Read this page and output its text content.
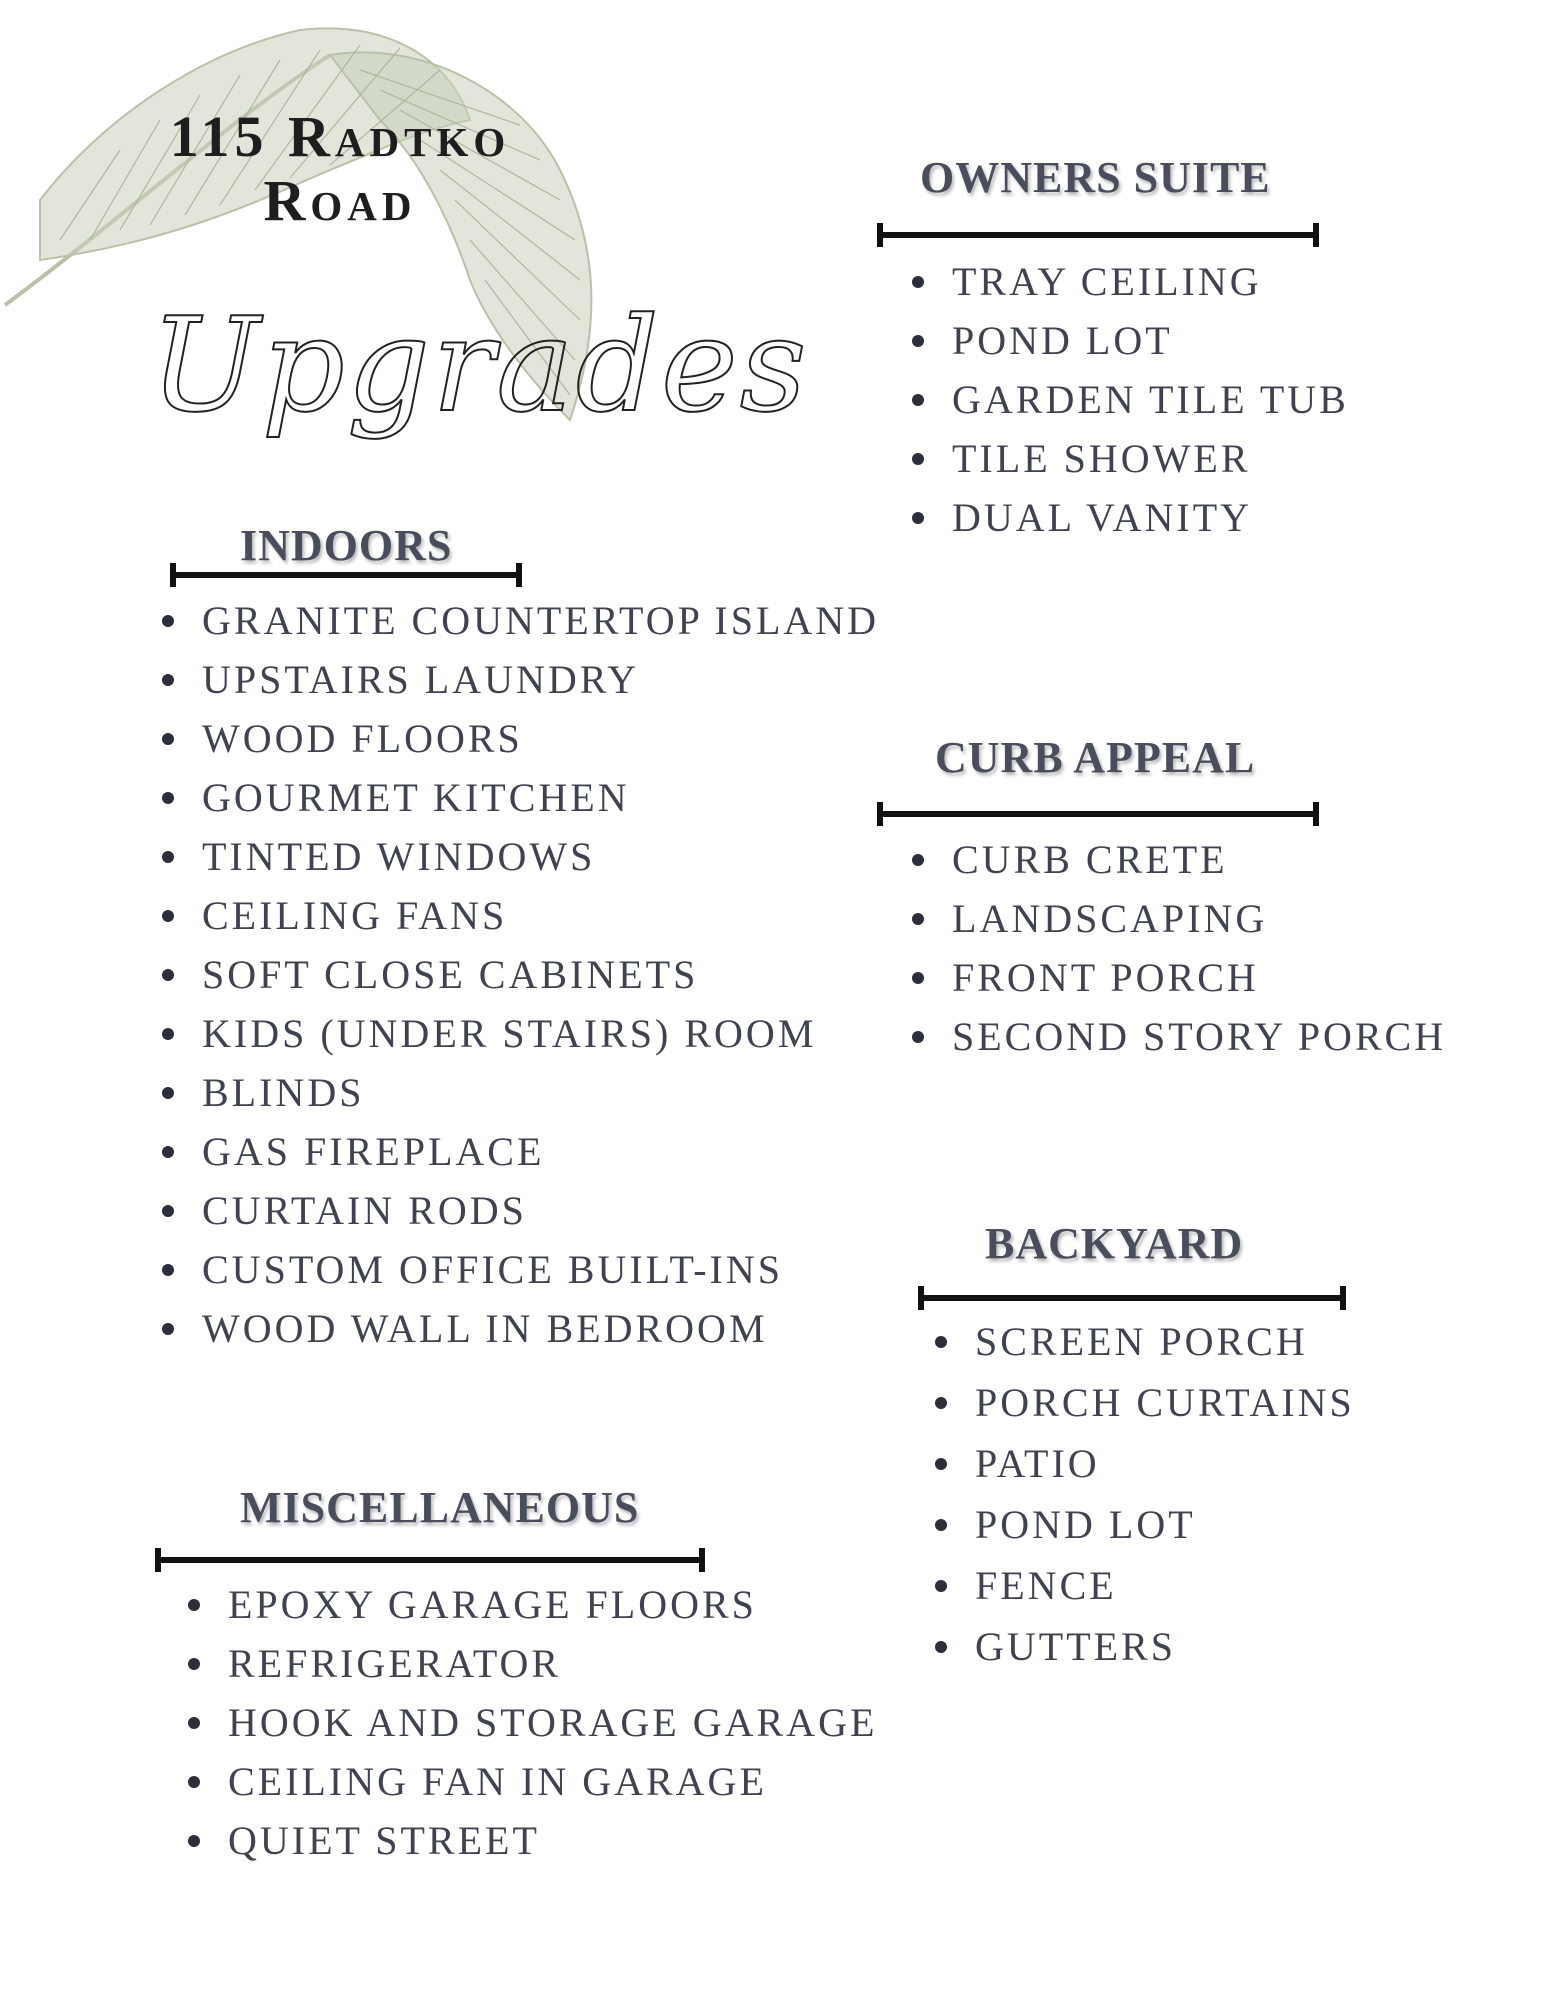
115 Radtko
Road
Upgrades
OWNERS SUITE
TRAY CEILING
POND LOT
GARDEN TILE TUB
TILE SHOWER
DUAL VANITY
INDOORS
GRANITE COUNTERTOP ISLAND
UPSTAIRS LAUNDRY
WOOD FLOORS
GOURMET KITCHEN
TINTED WINDOWS
CEILING FANS
SOFT CLOSE CABINETS
KIDS (UNDER STAIRS) ROOM
BLINDS
GAS FIREPLACE
CURTAIN RODS
CUSTOM OFFICE BUILT-INS
WOOD WALL IN BEDROOM
CURB APPEAL
CURB CRETE
LANDSCAPING
FRONT PORCH
SECOND STORY PORCH
BACKYARD
SCREEN PORCH
PORCH CURTAINS
PATIO
POND LOT
FENCE
GUTTERS
MISCELLANEOUS
EPOXY GARAGE FLOORS
REFRIGERATOR
HOOK AND STORAGE GARAGE
CEILING FAN IN GARAGE
QUIET STREET
